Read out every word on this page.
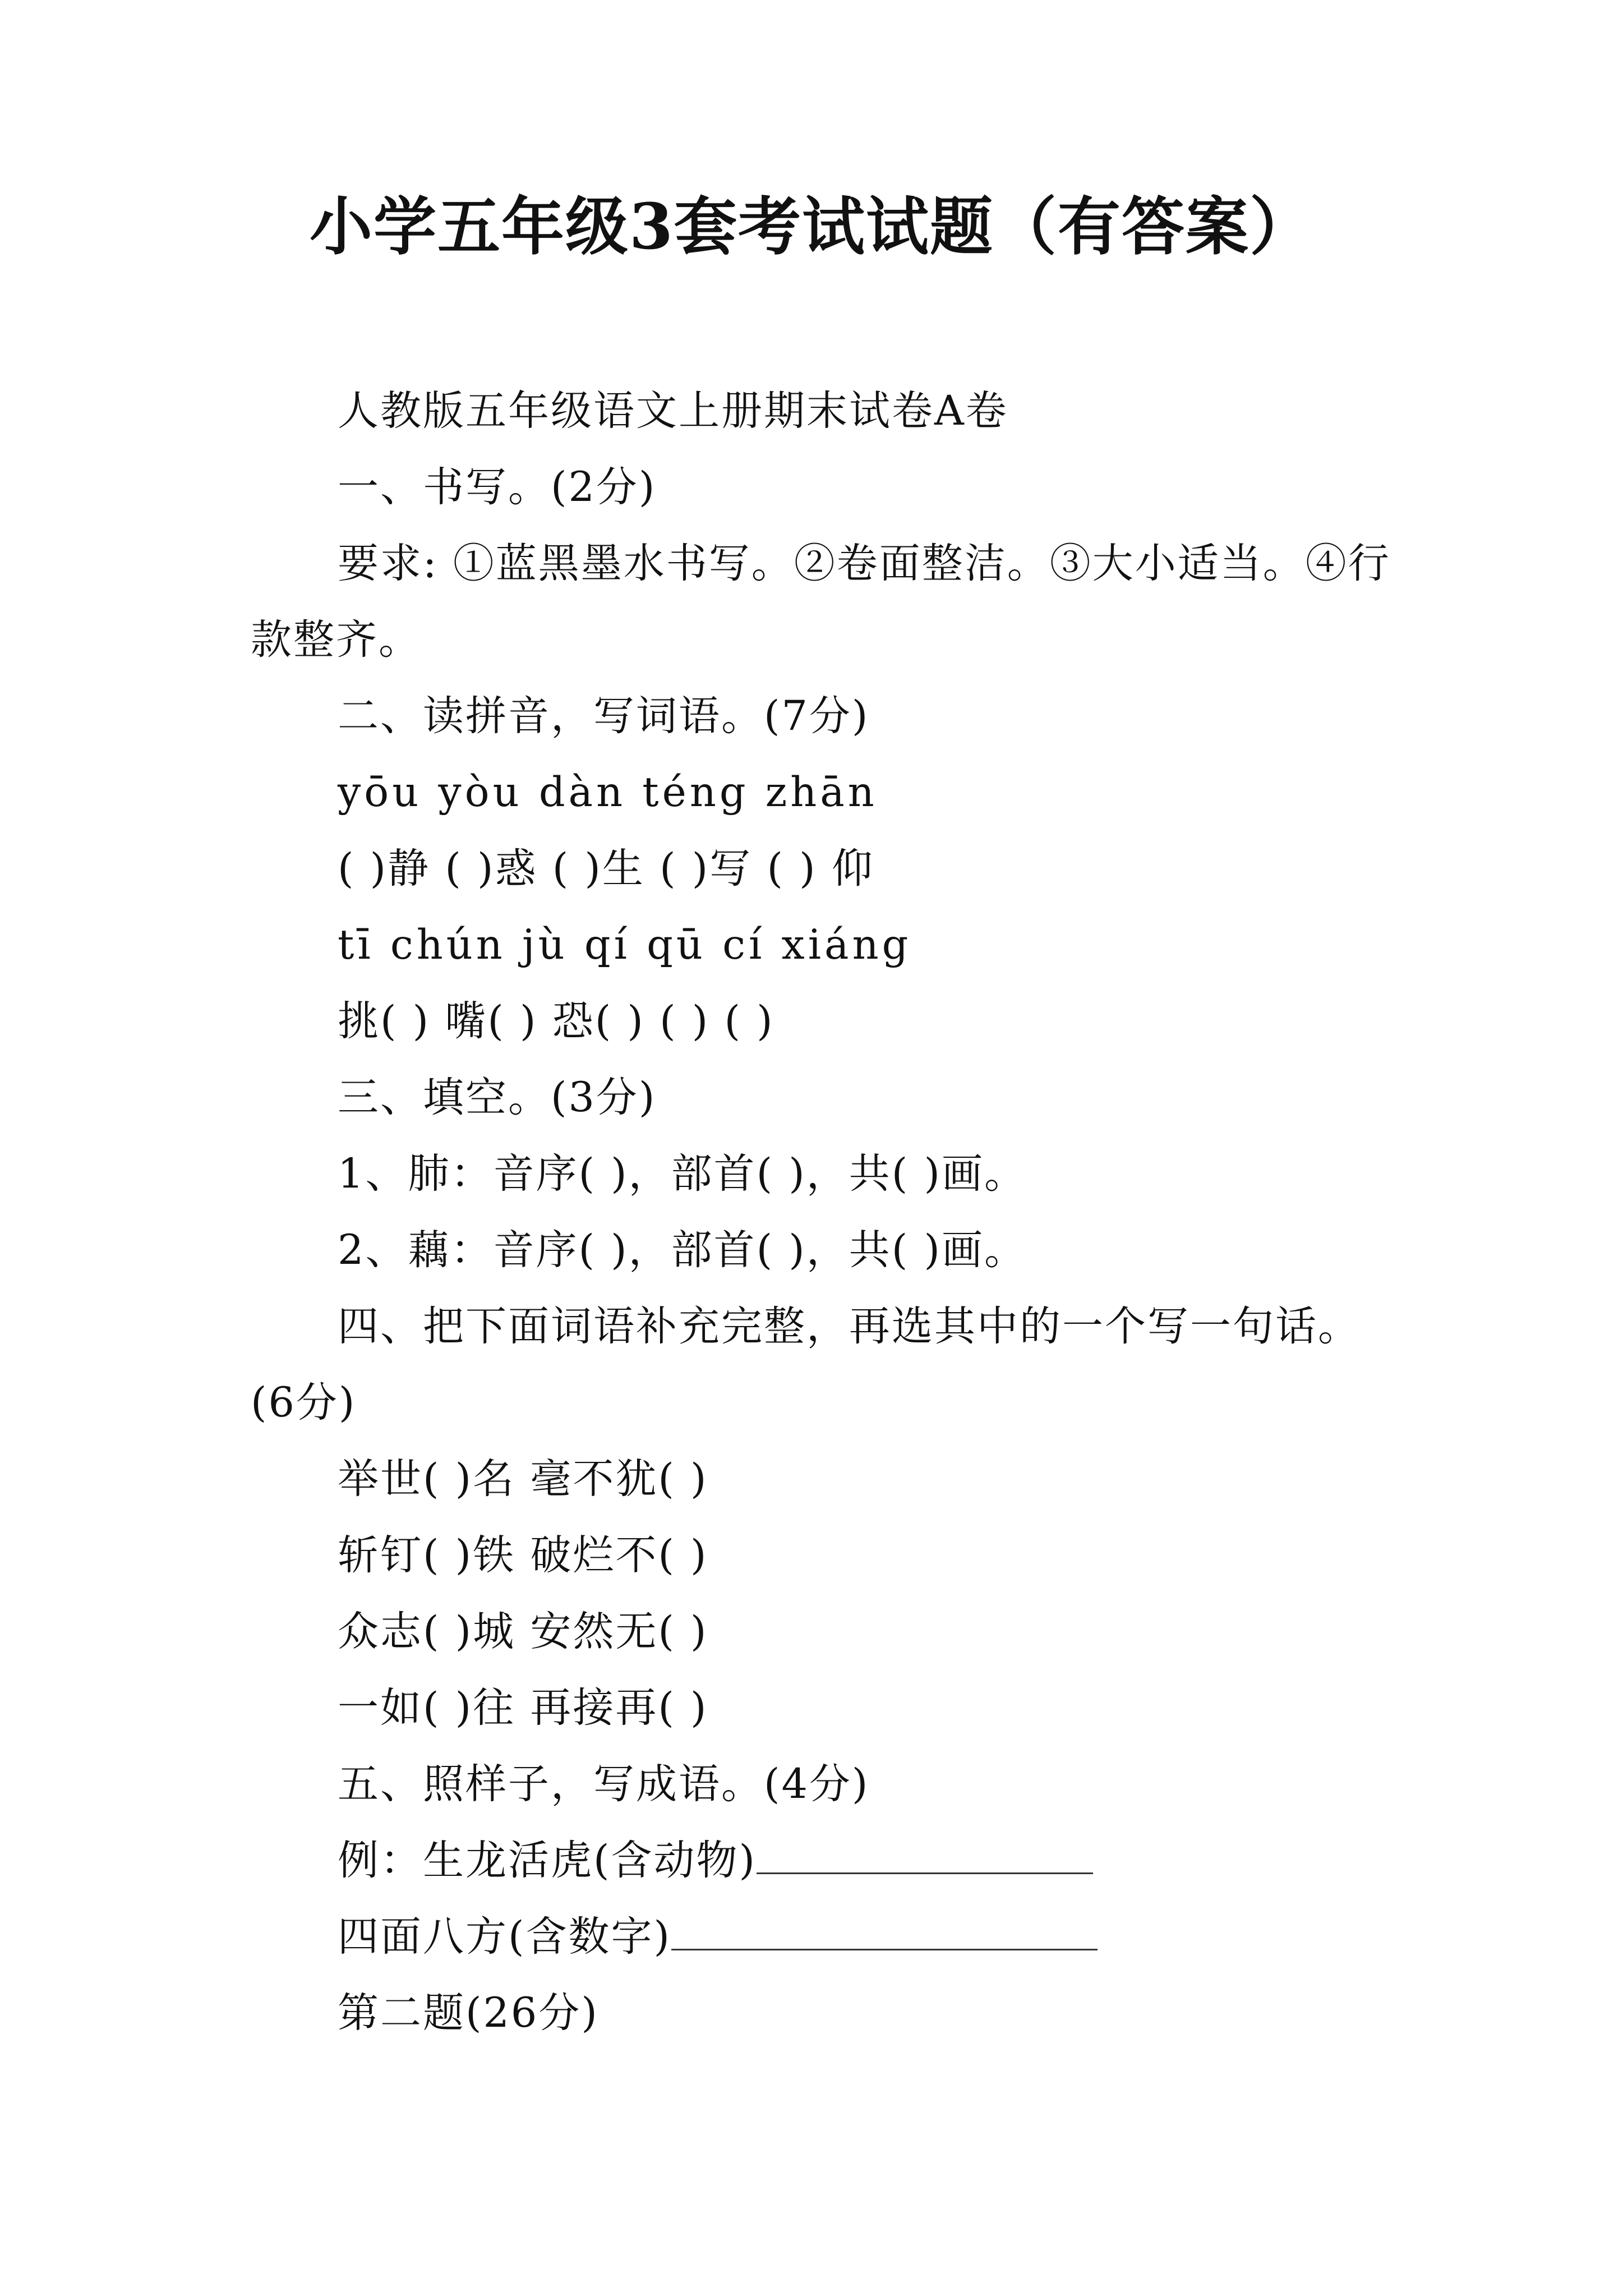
小学五年级3套考试试题（有答案）
人教版五年级语文上册期末试卷A卷
一、书写。(2分)
要求: ①蓝黑墨水书写。②卷面整洁。③大小适当。④行
款整齐。
二、读拼音，写词语。(7分)
yōu yòu dàn téng zhān
( )静 ( )惑 ( )生 ( )写 ( ) 仰
tī chún jù qí qū cí xiáng
挑( ) 嘴( ) 恐( ) ( ) ( )
三、填空。(3分)
1、肺：音序( )，部首( )，共( )画。
2、藕：音序( )，部首( )，共( )画。
四、把下面词语补充完整，再选其中的一个写一句话。
(6分)
举世( )名 毫不犹( )
斩钉( )铁 破烂不( )
众志( )城 安然无( )
一如( )往 再接再( )
五、照样子，写成语。(4分)
例：生龙活虎(含动物)
四面八方(含数字)
第二题(26分)
